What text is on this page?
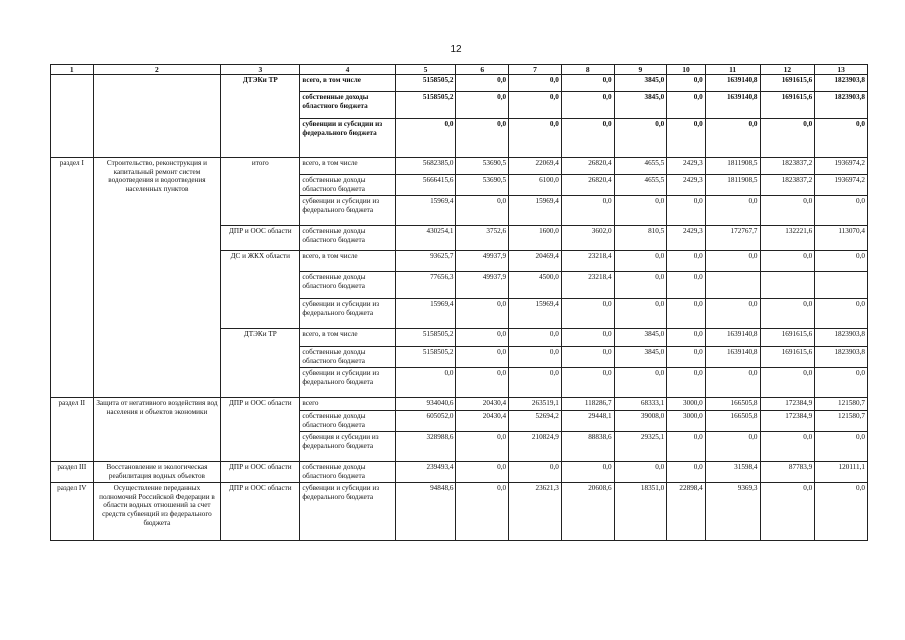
12
1	2	3	4	5	6	7	8	9	10	11	12	13
		ДТЭКи ТР	всего, в том числе	5158505,2	0,0	0,0	0,0	3845,0	0,0	1639140,8	1691615,6	1823903,8
			собственные доходы областного бюджета	5158505,2	0,0	0,0	0,0	3845,0	0,0	1639140,8	1691615,6	1823903,8
			субвенции и субсидии из федерального бюджета	0,0	0,0	0,0	0,0	0,0	0,0	0,0	0,0	0,0
раздел I	Строительство, реконструкция и капитальный ремонт систем водоотведения и водоотведения населенных пунктов	итого	всего, в том числе	5682385,0	53690,5	22069,4	26820,4	4655,5	2429,3	1811908,5	1823837,2	1936974,2
			собственные доходы областного бюджета	5666415,6	53690,5	6100,0	26820,4	4655,5	2429,3	1811908,5	1823837,2	1936974,2
			субвенции и субсидии из федерального бюджета	15969,4	0,0	15969,4	0,0	0,0	0,0	0,0	0,0	0,0
		ДПР и ООС области	собственные доходы областного бюджета	430254,1	3752,6	1600,0	3602,0	810,5	2429,3	172767,7	132221,6	113070,4
		ДС и ЖКХ области	всего, в том числе	93625,7	49937,9	20469,4	23218,4	0,0	0,0	0,0	0,0	0,0
			собственные доходы областного бюджета	77656,3	49937,9	4500,0	23218,4	0,0	0,0			
			субвенции и субсидии из федерального бюджета	15969,4	0,0	15969,4	0,0	0,0	0,0	0,0	0,0	0,0
		ДТЭКи ТР	всего, в том числе	5158505,2	0,0	0,0	0,0	3845,0	0,0	1639140,8	1691615,6	1823903,8
			собственные доходы областного бюджета	5158505,2	0,0	0,0	0,0	3845,0	0,0	1639140,8	1691615,6	1823903,8
			субвенции и субсидии из федерального бюджета	0,0	0,0	0,0	0,0	0,0	0,0	0,0	0,0	0,0
раздел II	Защита от негативного воздействия вод населения и объектов экономики	ДПР и ООС области	всего	934040,6	20430,4	263519,1	118286,7	68333,1	3000,0	166505,8	172384,9	121580,7
			собственные доходы областного бюджета	605052,0	20430,4	52694,2	29448,1	39008,0	3000,0	166505,8	172384,9	121580,7
			субвенция и субсидии из федерального бюджета	328988,6	0,0	210824,9	88838,6	29325,1	0,0	0,0	0,0	0,0
раздел III	Восстановление и экологическая реабилитация водных объектов	ДПР и ООС области	собственные доходы областного бюджета	239493,4	0,0	0,0	0,0	0,0	0,0	31598,4	87783,9	120111,1
раздел IV	Осуществление переданных полномочий Российской Федерации в области водных отношений за счет средств субвенций из федерального бюджета	ДПР и ООС области	субвенции и субсидии из федерального бюджета	94848,6	0,0	23621,3	20608,6	18351,0	22898,4	9369,3	0,0	0,0
